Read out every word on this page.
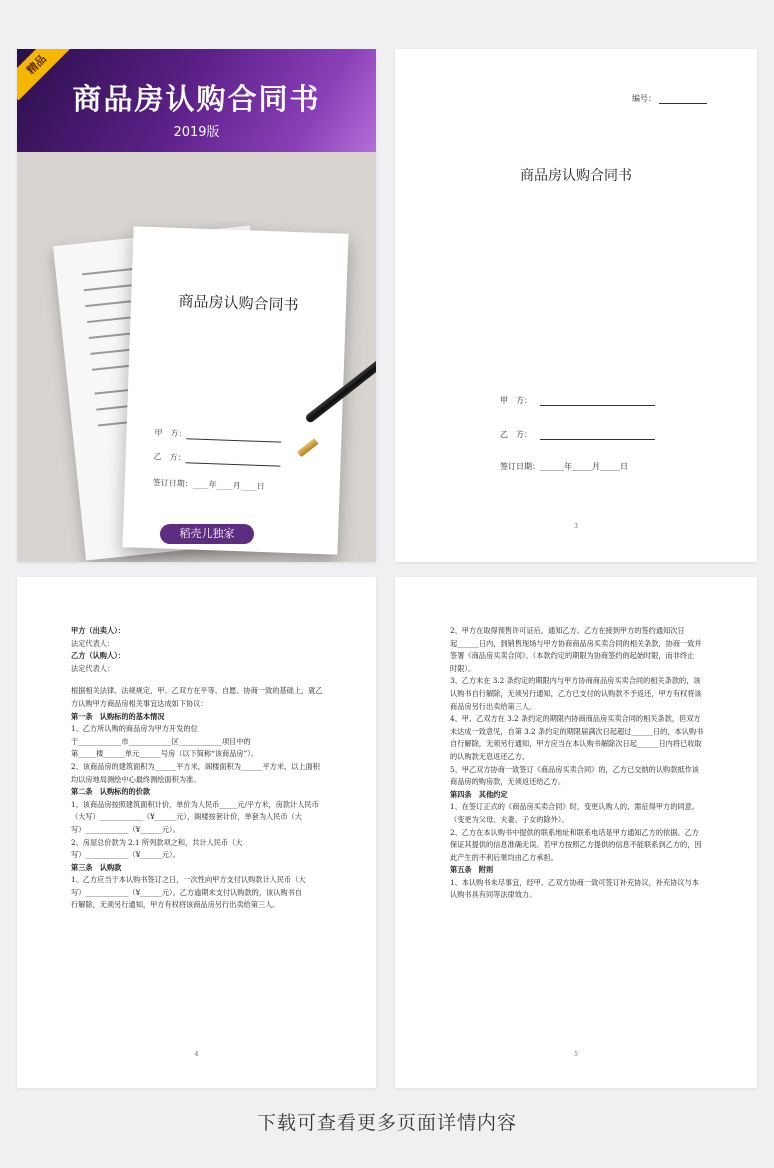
精品
商品房认购合同书
2019版
商品房认购合同书
甲　方：
乙　方：
签订日期：____年____月____日
稻壳儿独家
编号：
商品房认购合同书
甲　方：
乙　方：
签订日期：______年_____月_____日
3

甲方（出卖人）：

法定代表人：

乙方（认购人）：

法定代表人：

根据相关法律、法规规定，甲、乙双方在平等、自愿、协商一致的基础上，就乙

方认购甲方商品房相关事宜达成如下协议：

第一条　认购标的的基本情况

1、乙方所认购的商品房为甲方开发的位

于____________市____________区____________项目中的

第_____楼______单元______号房（以下简称“该商品房”）。

2、该商品房的建筑面积为______平方米，阁楼面积为______平方米，以上面积

均以房地局测绘中心最终测绘面积为准。

第二条　认购标的的价款

1、该商品房按照建筑面积计价，单价为人民币_____元/平方米，房款计人民币

（大写）____________（¥______元），阁楼按套计价，单套为人民币（大

写）____________（¥______元）。

2、房屋总价款为 2.1 所列款项之和，共计人民币（大

写）____________（¥______元）。

第三条　认购款

1、乙方应当于本认购书签订之日，一次性向甲方支付认购款计人民币（大

写）____________（¥______元）。乙方逾期未支付认购款的，该认购书自

行解除，无须另行通知，甲方有权将该商品房另行出卖给第三人。

4

2、甲方在取得预售许可证后，通知乙方。乙方在接到甲方的签约通知次日

起______日内，到销售现场与甲方协商商品房买卖合同的相关条款，协商一致并

签署《商品房买卖合同》。（本款约定的期限为协商签约的起始时限，而非终止

时限）。

3、乙方未在 3.2 条约定的期限内与甲方协商商品房买卖合同的相关条款的，该

认购书自行解除，无须另行通知，乙方已支付的认购款不予返还，甲方有权将该

商品房另行出卖给第三人。

4、甲、乙双方在 3.2 条约定的期限内协商商品房买卖合同的相关条款，但双方

未达成一致意见，自第 3.2 条约定的期限届满次日起超过______日的，本认购书

自行解除，无须另行通知，甲方应当在本认购书解除次日起______日内将已收取

的认购款无息返还乙方。

5、甲乙双方协商一致签订《商品房买卖合同》的，乙方已交纳的认购款抵作该

商品房的购房款，无须返还给乙方。

第四条　其他约定

1、在签订正式的《商品房买卖合同》时，变更认购人的，需征得甲方的同意。

（变更为父母、夫妻、子女的除外）。

2、乙方在本认购书中提供的联系地址和联系电话是甲方通知乙方的依据。乙方

保证其提供的信息准确无误。若甲方按照乙方提供的信息不能联系到乙方的，因

此产生的不利后果均由乙方承担。

第五条　附则

1、本认购书未尽事宜，经甲、乙双方协商一致可签订补充协议，补充协议与本

认购书具有同等法律效力。

5
下载可查看更多页面详情内容
